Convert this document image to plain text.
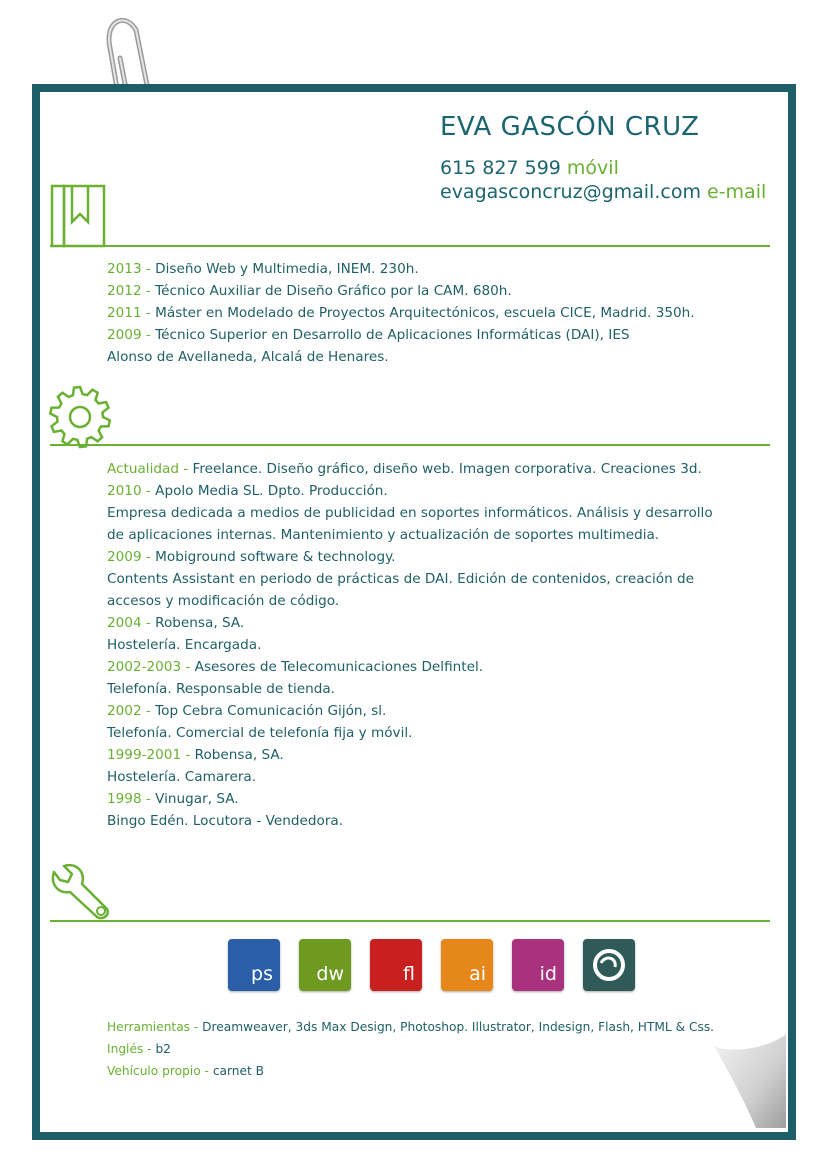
EVA GASCÓN CRUZ
615 827 599 móvil
evagasconcruz@gmail.com e-mail
2013 - Diseño Web y Multimedia, INEM. 230h.
2012 - Técnico Auxiliar de Diseño Gráfico por la CAM. 680h.
2011 - Máster en Modelado de Proyectos Arquitectónicos, escuela CICE, Madrid. 350h.
2009 - Técnico Superior en Desarrollo de Aplicaciones Informáticas (DAI), IES
Alonso de Avellaneda, Alcalá de Henares.
Actualidad - Freelance. Diseño gráfico, diseño web. Imagen corporativa. Creaciones 3d.
2010 - Apolo Media SL. Dpto. Producción.
Empresa dedicada a medios de publicidad en soportes informáticos. Análisis y desarrollo
de aplicaciones internas. Mantenimiento y actualización de soportes multimedia.
2009 - Mobiground software & technology.
Contents Assistant en periodo de prácticas de DAI. Edición de contenidos, creación de
accesos y modificación de código.
2004 - Robensa, SA.
Hostelería. Encargada.
2002-2003 - Asesores de Telecomunicaciones Delfintel.
Telefonía. Responsable de tienda.
2002 - Top Cebra Comunicación Gijón, sl.
Telefonía. Comercial de telefonía fija y móvil.
1999-2001 - Robensa, SA.
Hostelería. Camarera.
1998 - Vinugar, SA.
Bingo Edén. Locutora - Vendedora.
ps dw	fl	ai	id
Herramientas - Dreamweaver, 3ds Max Design, Photoshop. Illustrator, Indesign, Flash, HTML & Css.
Inglés - b2
Vehículo propio - carnet B
